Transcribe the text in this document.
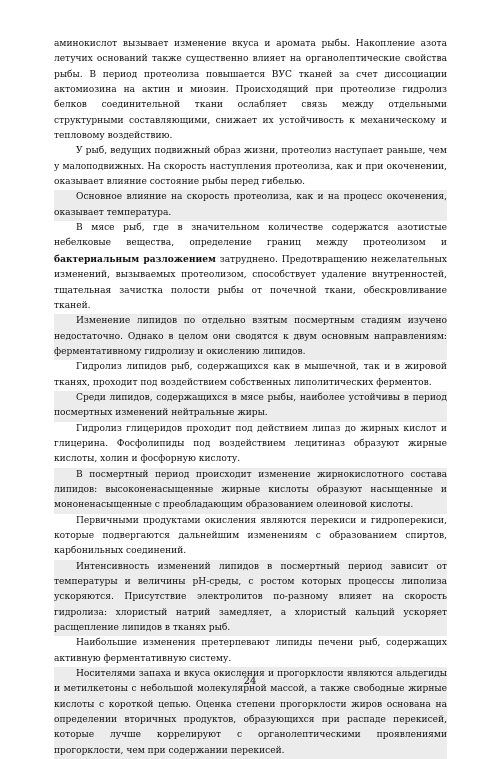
аминокислот вызывает изменение вкуса и аромата рыбы. Накопление азота летучих оснований также существенно влияет на органолептические свойства рыбы. В период протеолиза повышается ВУС тканей за счет диссоциации актомиозина на актин и миозин. Происходящий при протеолизе гидролиз белков соединительной ткани ослабляет связь между отдельными структурными составляющими, снижает их устойчивость к механическому и тепловому воздействию.

У рыб, ведущих подвижный образ жизни, протеолиз наступает раньше, чем у малоподвижных. На скорость наступления протеолиза, как и при окоченении, оказывает влияние состояние рыбы перед гибелью.

Основное влияние на скорость протеолиза, как и на процесс окоченения, оказывает температура.

В мясе рыб, где в значительном количестве содержатся азотистые небелковые вещества, определение границ между протеолизом и бактериальным разложением затруднено. Предотвращению нежелательных изменений, вызываемых протеолизом, способствует удаление внутренностей, тщательная зачистка полости рыбы от почечной ткани, обескровливание тканей.

Изменение липидов по отдельно взятым посмертным стадиям изучено недостаточно. Однако в целом они сводятся к двум основным направлениям: ферментативному гидролизу и окислению липидов.

Гидролиз липидов рыб, содержащихся как в мышечной, так и в жировой тканях, проходит под воздействием собственных липолитических ферментов.

Среди липидов, содержащихся в мясе рыбы, наиболее устойчивы в период посмертных изменений нейтральные жиры.

Гидролиз глицеридов проходит под действием липаз до жирных кислот и глицерина. Фосфолипиды под воздействием лецитиназ образуют жирные кислоты, холин и фосфорную кислоту.

В посмертный период происходит изменение жирнокислотного состава липидов: высоконенасыщенные жирные кислоты образуют насыщенные и мононенасыщенные с преобладающим образованием олеиновой кислоты.

Первичными продуктами окисления являются перекиси и гидроперекиси, которые подвергаются дальнейшим изменениям с образованием спиртов, карбонильных соединений.

Интенсивность изменений липидов в посмертный период зависит от температуры и величины рН-среды, с ростом которых процессы липолиза ускоряются. Присутствие электролитов по-разному влияет на скорость гидролиза: хлористый натрий замедляет, а хлористый кальций ускоряет расщепление липидов в тканях рыб.

Наибольшие изменения претерпевают липиды печени рыб, содержащих активную ферментативную систему.

Носителями запаха и вкуса окисления и прогорклости являются альдегиды и метилкетоны с небольшой молекулярной массой, а также свободные жирные кислоты с короткой цепью. Оценка степени прогорклости жиров основана на определении вторичных продуктов, образующихся при распаде перекисей, которые лучше коррелируют с органолептическими проявлениями прогорклости, чем при содержании перекисей.

24
